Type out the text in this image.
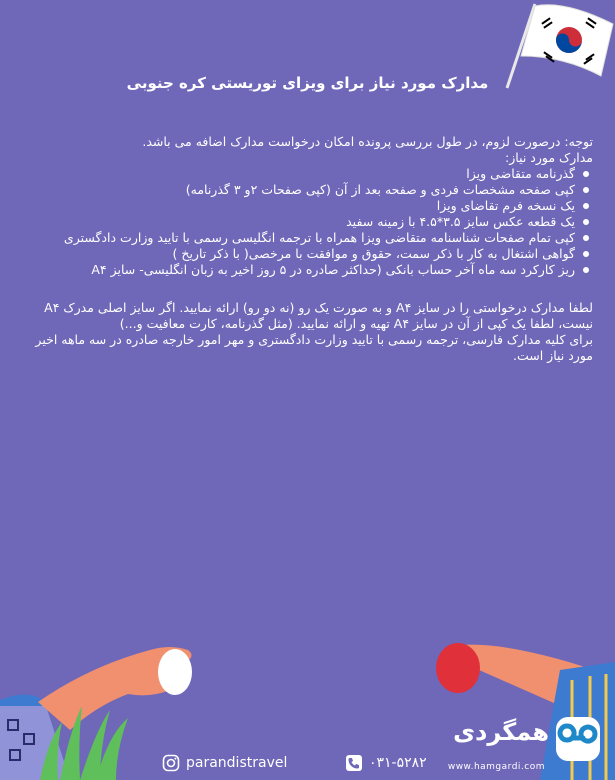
مدارک مورد نیاز برای ویزای توریستی کره جنوبی

توجه: درصورت لزوم، در طول بررسی پرونده امکان درخواست مدارک اضافه می باشد.

مدارک مورد نیاز:

گذرنامه متقاضی ویزا
کپی صفحه مشخصات فردی و صفحه بعد از آن (کپی صفحات ۲و ۳ گذرنامه)
یک نسخه فرم تقاضای ویزا
یک قطعه عکس سایز ۳.۵*۴.۵ با زمینه سفید
کپی تمام صفحات شناسنامه متقاضی ویزا همراه با ترجمه انگلیسی رسمی با تایید وزارت دادگستری
گواهی اشتغال به کار با ذکر سمت، حقوق و موافقت با مرخصی( با ذکر تاریخ )
ریز کارکرد سه ماه آخر حساب بانکی (حداکثر صادره در ۵ روز اخیر به زبان انگلیسی- سایز A۴

لطفا مدارک درخواستی را در سایز A۴ و به صورت یک رو (نه دو رو) ارائه نمایید. اگر سایز اصلی مدرک A۴ نیست، لطفا یک کپی از آن در سایز A۴ تهیه و ارائه نمایید. (مثل گذرنامه، کارت معافیت و...)

برای کلیه مدارک فارسی، ترجمه رسمی با تایید وزارت دادگستری و مهر امور خارجه صادره در سه ماهه اخیر مورد نیاز است.

همگردی
www.hamgardi.com
parandistravel	۰۳۱-۵۲۸۲
